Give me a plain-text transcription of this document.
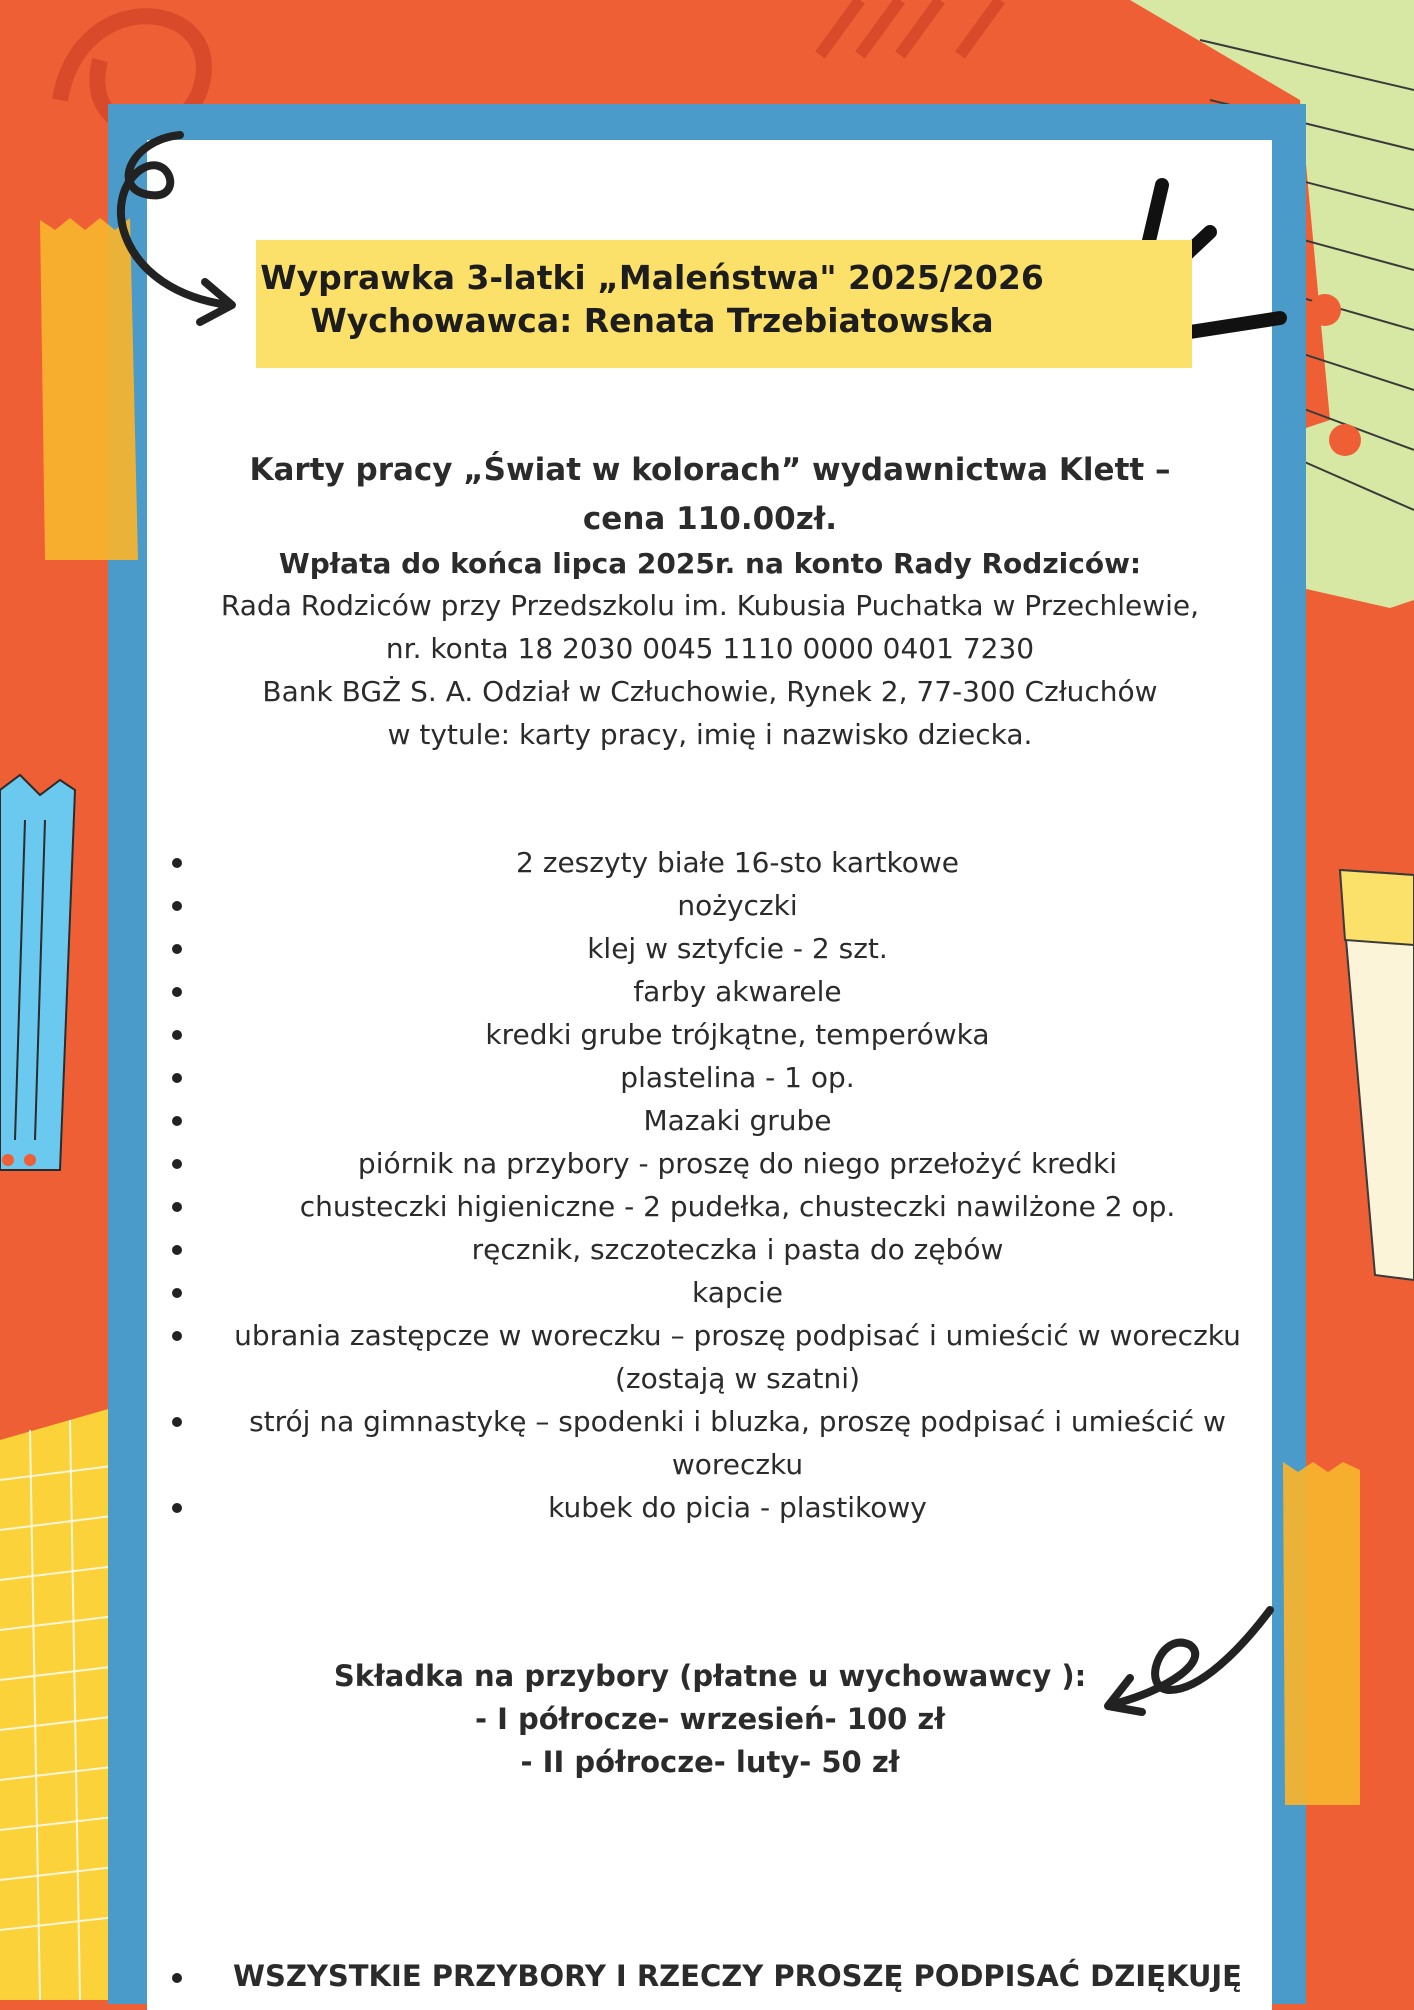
Wyprawka 3-latki „Maleństwa" 2025/2026
Wychowawca: Renata Trzebiatowska
Karty pracy „Świat w kolorach” wydawnictwa Klett –
cena 110.00zł.
Wpłata do końca lipca 2025r. na konto Rady Rodziców:
Rada Rodziców przy Przedszkolu im. Kubusia Puchatka w Przechlewie,
nr. konta 18 2030 0045 1110 0000 0401 7230
Bank BGŻ S. A. Odział w Człuchowie, Rynek 2, 77-300 Człuchów
w tytule: karty pracy, imię i nazwisko dziecka.
2 zeszyty białe 16-sto kartkowe
nożyczki
klej w sztyfcie - 2 szt.
farby akwarele
kredki grube trójkątne, temperówka
plastelina - 1 op.
Mazaki grube
piórnik na przybory - proszę do niego przełożyć kredki
chusteczki higieniczne - 2 pudełka, chusteczki nawilżone 2 op.
ręcznik, szczoteczka i pasta do zębów
kapcie
ubrania zastępcze w woreczku – proszę podpisać i umieścić w woreczku (zostają w szatni)
strój na gimnastykę – spodenki i bluzka, proszę podpisać i umieścić w woreczku
kubek do picia - plastikowy
Składka na przybory (płatne u wychowawcy ):
- I półrocze- wrzesień- 100 zł
- II półrocze- luty- 50 zł
WSZYSTKIE PRZYBORY I RZECZY PROSZĘ PODPISAĆ DZIĘKUJĘ
